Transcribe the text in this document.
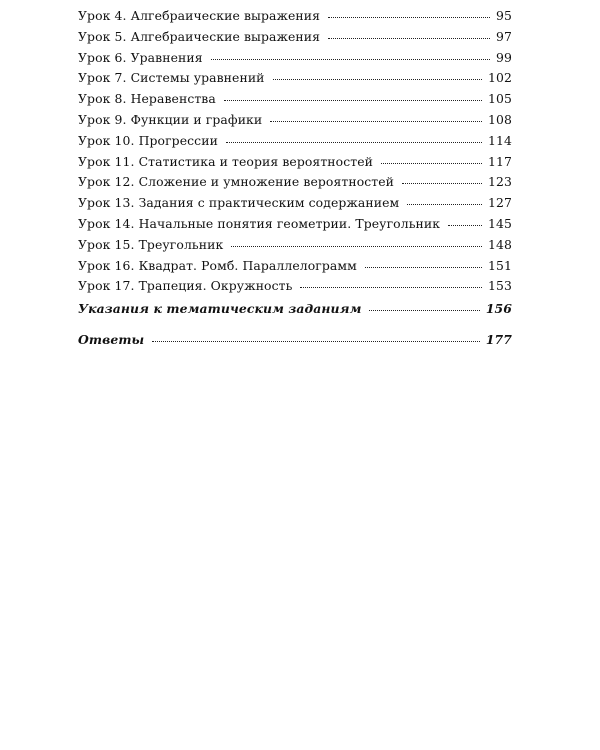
Урок 4. Алгебраические выражения	95
Урок 5. Алгебраические выражения	97
Урок 6. Уравнения	99
Урок 7. Системы уравнений	102
Урок 8. Неравенства	105
Урок 9. Функции и графики	108
Урок 10. Прогрессии	114
Урок 11. Статистика и теория вероятностей	117
Урок 12. Сложение и умножение вероятностей	123
Урок 13. Задания с практическим содержанием	127
Урок 14. Начальные понятия геометрии. Треугольник	145
Урок 15. Треугольник	148
Урок 16. Квадрат. Ромб. Параллелограмм	151
Урок 17. Трапеция. Окружность	153
Указания к тематическим заданиям	156
Ответы	177
